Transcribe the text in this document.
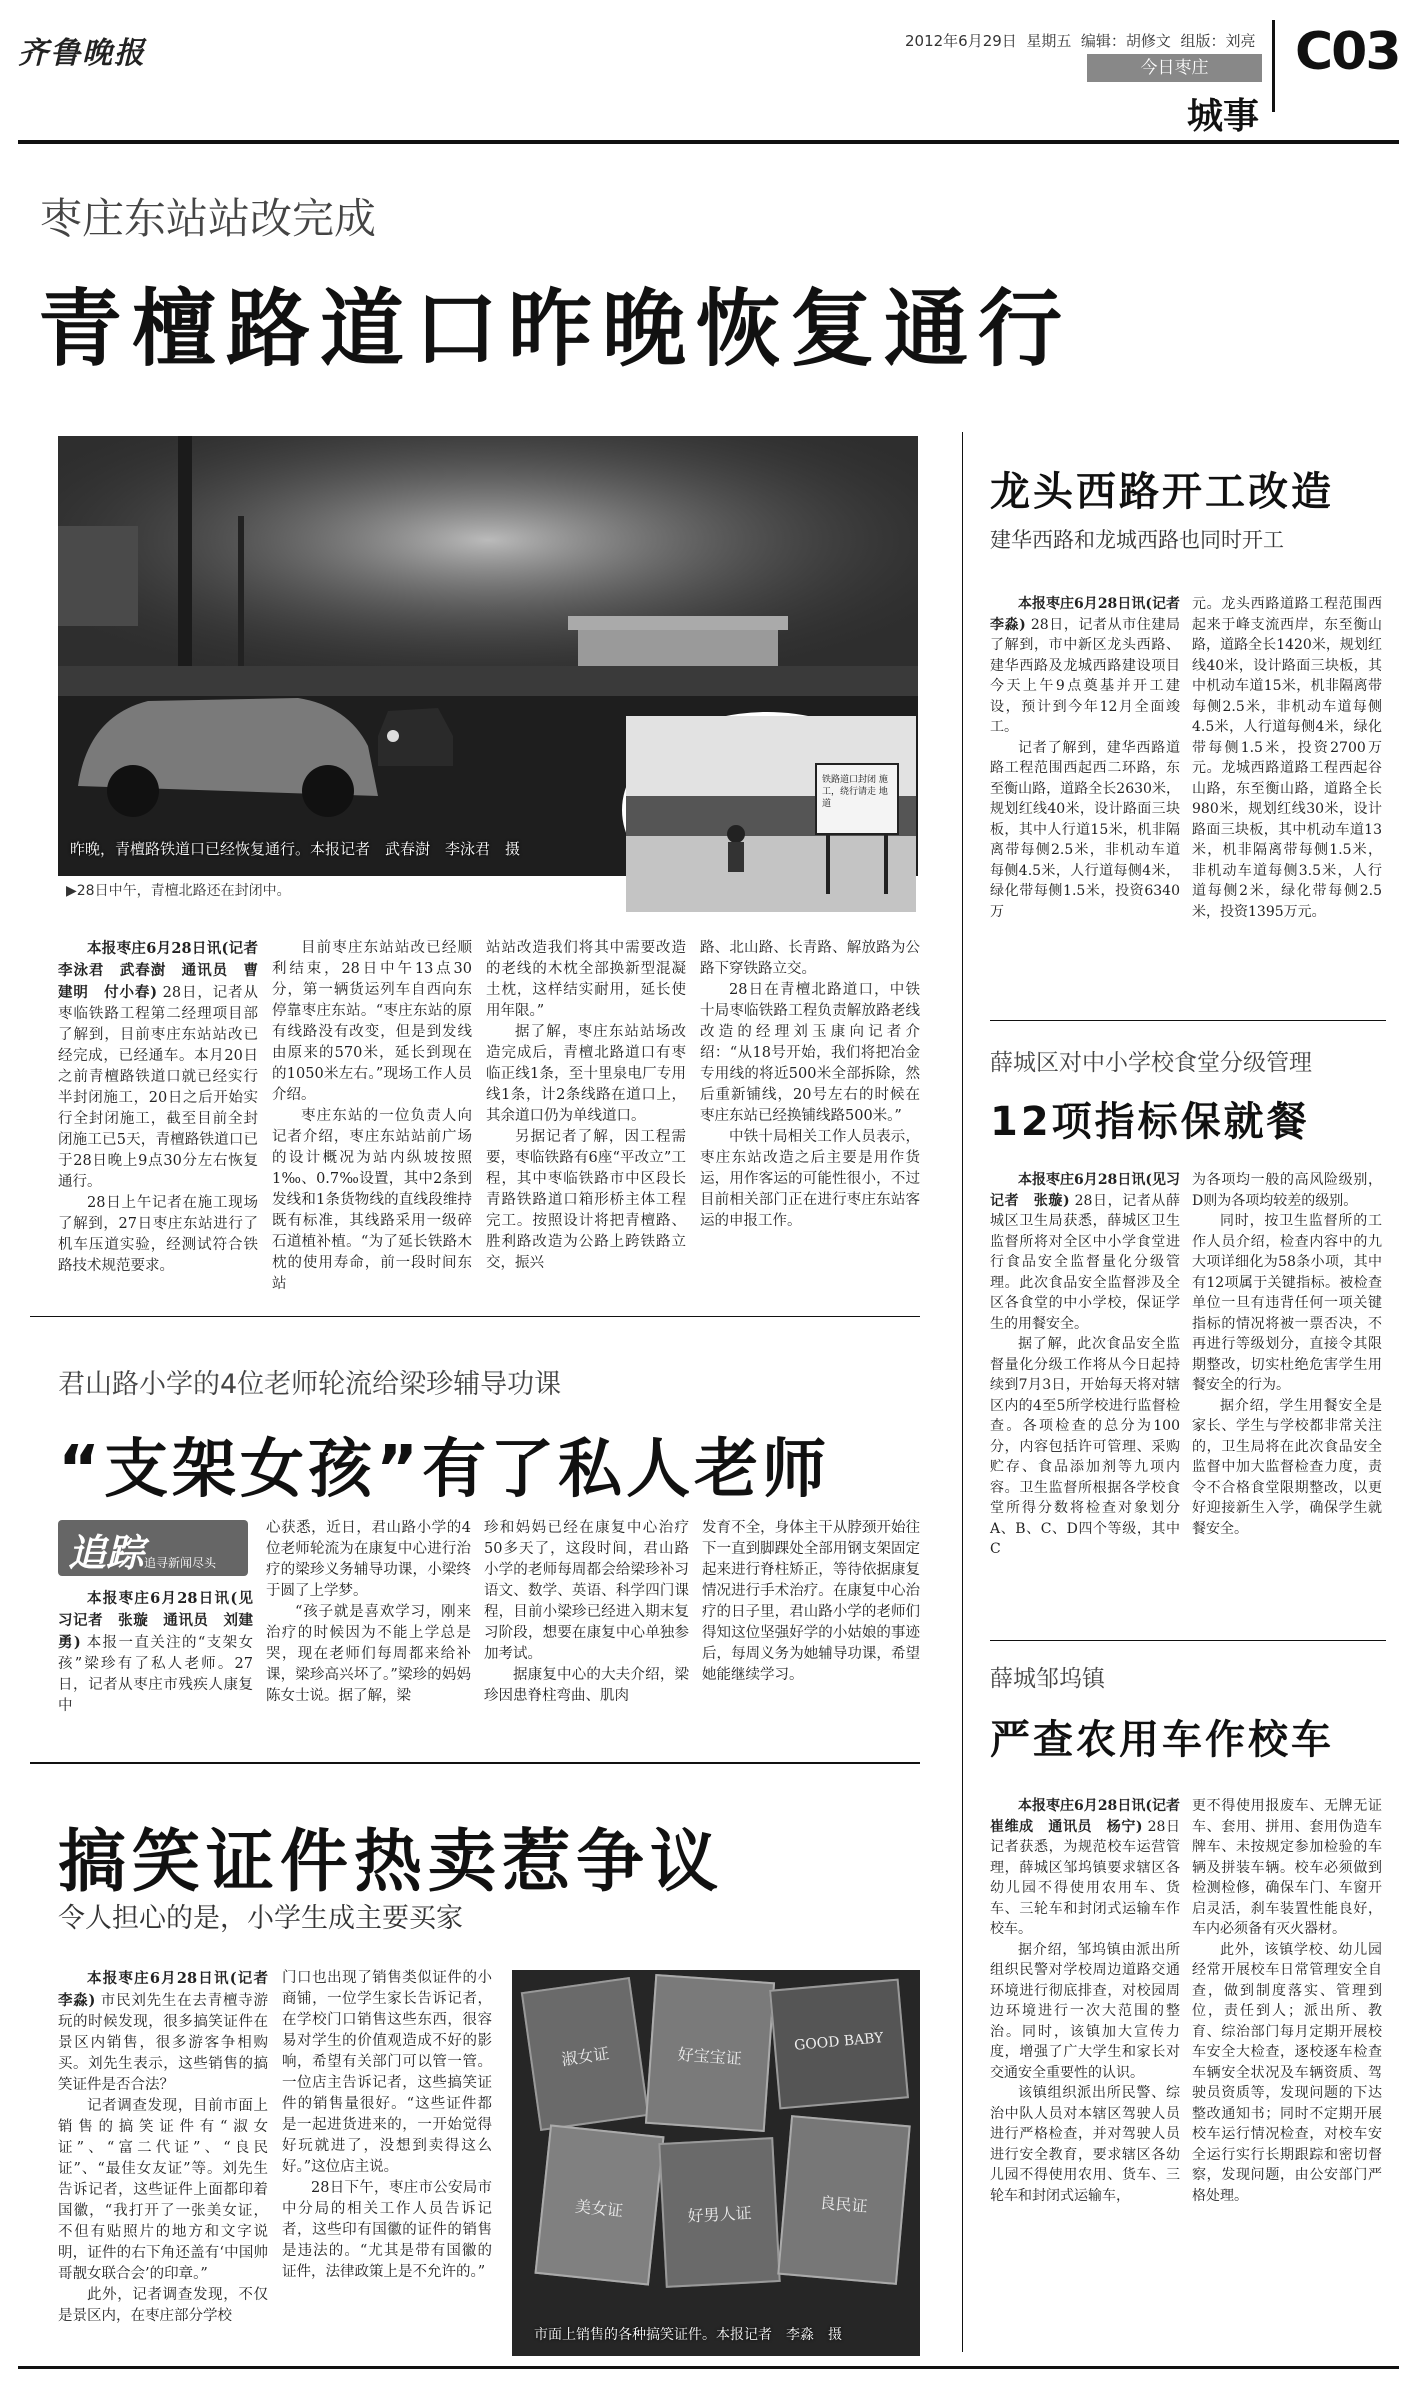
齐鲁晚报	2012年6月29日 星期五 编辑：胡修文 组版：刘亮
今日枣庄
城事
C03
枣庄东站站改完成
青檀路道口昨晚恢复通行
昨晚，青檀路铁道口已经恢复通行。本报记者　武春澍　李泳君　摄
铁路道口封闭 施工，绕行请走 地道
▶28日中午，青檀北路还在封闭中。

本报枣庄6月28日讯(记者　李泳君　武春澍　通讯员　曹建明　付小春) 28日，记者从枣临铁路工程第二经理项目部了解到，目前枣庄东站站改已经完成，已经通车。本月20日之前青檀路铁道口就已经实行半封闭施工，20日之后开始实行全封闭施工，截至目前全封闭施工已5天，青檀路铁道口已于28日晚上9点30分左右恢复通行。

28日上午记者在施工现场了解到，27日枣庄东站进行了机车压道实验，经测试符合铁路技术规范要求。

目前枣庄东站站改已经顺利结束，28日中午13点30分，第一辆货运列车自西向东停靠枣庄东站。“枣庄东站的原有线路没有改变，但是到发线由原来的570米，延长到现在的1050米左右。”现场工作人员介绍。

枣庄东站的一位负责人向记者介绍，枣庄东站站前广场的设计概况为站内纵坡按照1‰、0.7‰设置，其中2条到发线和1条货物线的直线段维持既有标准，其线路采用一级碎石道植补植。“为了延长铁路木枕的使用寿命，前一段时间东站

站站改造我们将其中需要改造的老线的木枕全部换新型混凝土枕，这样结实耐用，延长使用年限。”

据了解，枣庄东站站场改造完成后，青檀北路道口有枣临正线1条，至十里泉电厂专用线1条，计2条线路在道口上，其余道口仍为单线道口。

另据记者了解，因工程需要，枣临铁路有6座“平改立”工程，其中枣临铁路市中区段长青路铁路道口箱形桥主体工程完工。按照设计将把青檀路、胜利路改造为公路上跨铁路立交，振兴

路、北山路、长青路、解放路为公路下穿铁路立交。

28日在青檀北路道口，中铁十局枣临铁路工程负责解放路老线改造的经理刘玉康向记者介绍：“从18号开始，我们将把冶金专用线的将近500米全部拆除，然后重新铺线，20号左右的时候在枣庄东站已经换铺线路500米。”

中铁十局相关工作人员表示，枣庄东站改造之后主要是用作货运，用作客运的可能性很小，不过目前相关部门正在进行枣庄东站客运的申报工作。

君山路小学的4位老师轮流给梁珍辅导功课
“支架女孩”有了私人老师
追踪 追寻新闻尽头

本报枣庄6月28日讯(见习记者　张璇　通讯员　刘建勇) 本报一直关注的“支架女孩”梁珍有了私人老师。27日，记者从枣庄市残疾人康复中

心获悉，近日，君山路小学的4位老师轮流为在康复中心进行治疗的梁珍义务辅导功课，小梁终于圆了上学梦。

“孩子就是喜欢学习，刚来治疗的时候因为不能上学总是哭，现在老师们每周都来给补课，梁珍高兴坏了。”梁珍的妈妈陈女士说。据了解，梁

珍和妈妈已经在康复中心治疗50多天了，这段时间，君山路小学的老师每周都会给梁珍补习语文、数学、英语、科学四门课程，目前小梁珍已经进入期末复习阶段，想要在康复中心单独参加考试。

据康复中心的大夫介绍，梁珍因患脊柱弯曲、肌肉

发育不全，身体主干从脖颈开始往下一直到脚踝处全部用钢支架固定起来进行脊柱矫正，等待依据康复情况进行手术治疗。在康复中心治疗的日子里，君山路小学的老师们得知这位坚强好学的小姑娘的事迹后，每周义务为她辅导功课，希望她能继续学习。

搞笑证件热卖惹争议
令人担心的是，小学生成主要买家

本报枣庄6月28日讯(记者　李淼) 市民刘先生在去青檀寺游玩的时候发现，很多搞笑证件在景区内销售，很多游客争相购买。刘先生表示，这些销售的搞笑证件是否合法？

记者调查发现，目前市面上销售的搞笑证件有“淑女证”、“富二代证”、“良民证”、“最佳女友证”等。刘先生告诉记者，这些证件上面都印着国徽，“我打开了一张美女证，不但有贴照片的地方和文字说明，证件的右下角还盖有‘中国帅哥靓女联合会’的印章。”

此外，记者调查发现，不仅是景区内，在枣庄部分学校

门口也出现了销售类似证件的小商铺，一位学生家长告诉记者，在学校门口销售这些东西，很容易对学生的价值观造成不好的影响，希望有关部门可以管一管。一位店主告诉记者，这些搞笑证件的销售量很好。“这些证件都是一起进货进来的，一开始觉得好玩就进了，没想到卖得这么好。”这位店主说。

28日下午，枣庄市公安局市中分局的相关工作人员告诉记者，这些印有国徽的证件的销售是违法的。“尤其是带有国徽的证件，法律政策上是不允许的。”

淑女证	好宝宝证
GOOD BABY
美女证	好男人证	良民证
市面上销售的各种搞笑证件。本报记者　李淼　摄
龙头西路开工改造
建华西路和龙城西路也同时开工

本报枣庄6月28日讯(记者　李淼) 28日，记者从市住建局了解到，市中新区龙头西路、建华西路及龙城西路建设项目今天上午9点奠基并开工建设，预计到今年12月全面竣工。

记者了解到，建华西路道路工程范围西起西二环路，东至衡山路，道路全长2630米，规划红线40米，设计路面三块板，其中人行道15米，机非隔离带每侧2.5米，非机动车道每侧4.5米，人行道每侧4米，绿化带每侧1.5米，投资6340万

元。龙头西路道路工程范围西起来于峰支流西岸，东至衡山路，道路全长1420米，规划红线40米，设计路面三块板，其中机动车道15米，机非隔离带每侧2.5米，非机动车道每侧4.5米，人行道每侧4米，绿化带每侧1.5米，投资2700万元。龙城西路道路工程西起谷山路，东至衡山路，道路全长980米，规划红线30米，设计路面三块板，其中机动车道13米，机非隔离带每侧1.5米，非机动车道每侧3.5米，人行道每侧2米，绿化带每侧2.5米，投资1395万元。

薛城区对中小学校食堂分级管理
12项指标保就餐

本报枣庄6月28日讯(见习记者　张璇) 28日，记者从薛城区卫生局获悉，薛城区卫生监督所将对全区中小学食堂进行食品安全监督量化分级管理。此次食品安全监督涉及全区各食堂的中小学校，保证学生的用餐安全。

据了解，此次食品安全监督量化分级工作将从今日起持续到7月3日，开始每天将对辖区内的4至5所学校进行监督检查。各项检查的总分为100分，内容包括许可管理、采购贮存、食品添加剂等九项内容。卫生监督所根据各学校食堂所得分数将检查对象划分A、B、C、D四个等级，其中C

为各项均一般的高风险级别，D则为各项均较差的级别。

同时，按卫生监督所的工作人员介绍，检查内容中的九大项详细化为58条小项，其中有12项属于关键指标。被检查单位一旦有违背任何一项关键指标的情况将被一票否决，不再进行等级划分，直接令其限期整改，切实杜绝危害学生用餐安全的行为。

据介绍，学生用餐安全是家长、学生与学校都非常关注的，卫生局将在此次食品安全监督中加大监督检查力度，责令不合格食堂限期整改，以更好迎接新生入学，确保学生就餐安全。

薛城邹坞镇
严查农用车作校车

本报枣庄6月28日讯(记者　崔维成　通讯员　杨宁) 28日记者获悉，为规范校车运营管理，薛城区邹坞镇要求辖区各幼儿园不得使用农用车、货车、三轮车和封闭式运输车作校车。

据介绍，邹坞镇由派出所组织民警对学校周边道路交通环境进行彻底排查，对校园周边环境进行一次大范围的整治。同时，该镇加大宣传力度，增强了广大学生和家长对交通安全重要性的认识。

该镇组织派出所民警、综治中队人员对本辖区驾驶人员进行严格检查，并对驾驶人员进行安全教育，要求辖区各幼儿园不得使用农用、货车、三轮车和封闭式运输车，

更不得使用报废车、无牌无证车、套用、拼用、套用伪造车牌车、未按规定参加检验的车辆及拼装车辆。校车必须做到检测检修，确保车门、车窗开启灵活，刹车装置性能良好，车内必须备有灭火器材。

此外，该镇学校、幼儿园经常开展校车日常管理安全自查，做到制度落实、管理到位，责任到人；派出所、教育、综治部门每月定期开展校车安全大检查，逐校逐车检查车辆安全状况及车辆资质、驾驶员资质等，发现问题的下达整改通知书；同时不定期开展校车运行情况检查，对校车安全运行实行长期跟踪和密切督察，发现问题，由公安部门严格处理。
